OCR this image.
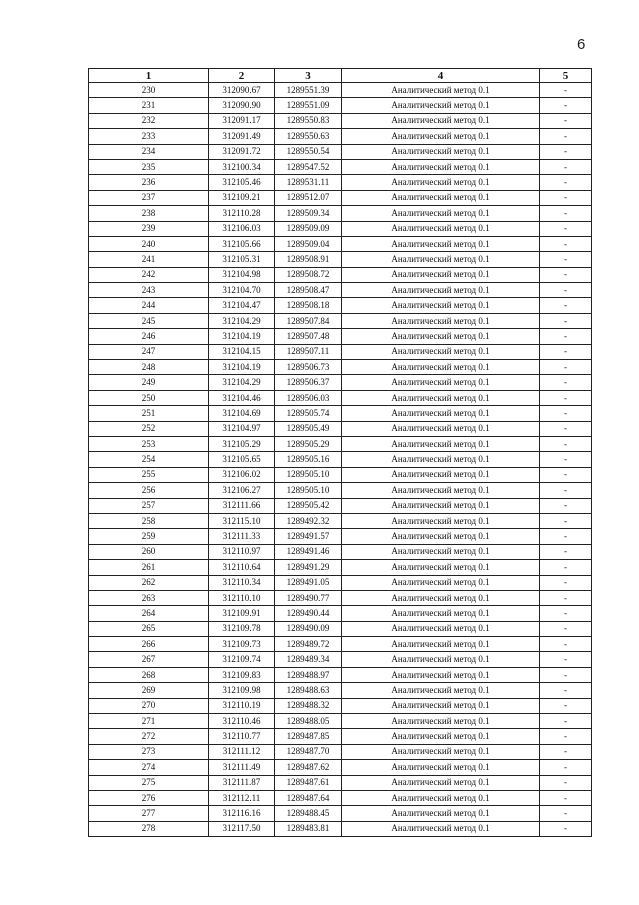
6
1	2	3	4	5
230	312090.67	1289551.39	Аналитический метод 0.1	-
231	312090.90	1289551.09	Аналитический метод 0.1	-
232	312091.17	1289550.83	Аналитический метод 0.1	-
233	312091.49	1289550.63	Аналитический метод 0.1	-
234	312091.72	1289550.54	Аналитический метод 0.1	-
235	312100.34	1289547.52	Аналитический метод 0.1	-
236	312105.46	1289531.11	Аналитический метод 0.1	-
237	312109.21	1289512.07	Аналитический метод 0.1	-
238	312110.28	1289509.34	Аналитический метод 0.1	-
239	312106.03	1289509.09	Аналитический метод 0.1	-
240	312105.66	1289509.04	Аналитический метод 0.1	-
241	312105.31	1289508.91	Аналитический метод 0.1	-
242	312104.98	1289508.72	Аналитический метод 0.1	-
243	312104.70	1289508.47	Аналитический метод 0.1	-
244	312104.47	1289508.18	Аналитический метод 0.1	-
245	312104.29	1289507.84	Аналитический метод 0.1	-
246	312104.19	1289507.48	Аналитический метод 0.1	-
247	312104.15	1289507.11	Аналитический метод 0.1	-
248	312104.19	1289506.73	Аналитический метод 0.1	-
249	312104.29	1289506.37	Аналитический метод 0.1	-
250	312104.46	1289506.03	Аналитический метод 0.1	-
251	312104.69	1289505.74	Аналитический метод 0.1	-
252	312104.97	1289505.49	Аналитический метод 0.1	-
253	312105.29	1289505.29	Аналитический метод 0.1	-
254	312105.65	1289505.16	Аналитический метод 0.1	-
255	312106.02	1289505.10	Аналитический метод 0.1	-
256	312106.27	1289505.10	Аналитический метод 0.1	-
257	312111.66	1289505.42	Аналитический метод 0.1	-
258	312115.10	1289492.32	Аналитический метод 0.1	-
259	312111.33	1289491.57	Аналитический метод 0.1	-
260	312110.97	1289491.46	Аналитический метод 0.1	-
261	312110.64	1289491.29	Аналитический метод 0.1	-
262	312110.34	1289491.05	Аналитический метод 0.1	-
263	312110.10	1289490.77	Аналитический метод 0.1	-
264	312109.91	1289490.44	Аналитический метод 0.1	-
265	312109.78	1289490.09	Аналитический метод 0.1	-
266	312109.73	1289489.72	Аналитический метод 0.1	-
267	312109.74	1289489.34	Аналитический метод 0.1	-
268	312109.83	1289488.97	Аналитический метод 0.1	-
269	312109.98	1289488.63	Аналитический метод 0.1	-
270	312110.19	1289488.32	Аналитический метод 0.1	-
271	312110.46	1289488.05	Аналитический метод 0.1	-
272	312110.77	1289487.85	Аналитический метод 0.1	-
273	312111.12	1289487.70	Аналитический метод 0.1	-
274	312111.49	1289487.62	Аналитический метод 0.1	-
275	312111.87	1289487.61	Аналитический метод 0.1	-
276	312112.11	1289487.64	Аналитический метод 0.1	-
277	312116.16	1289488.45	Аналитический метод 0.1	-
278	312117.50	1289483.81	Аналитический метод 0.1	-
